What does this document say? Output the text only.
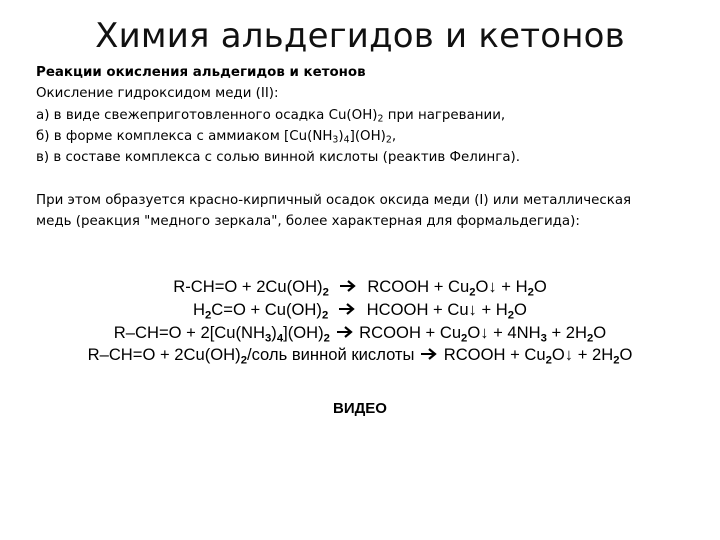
Химия альдегидов и кетонов
Реакции окисления альдегидов и кетонов
Окисление гидроксидом меди (II):
а) в виде свежеприготовленного осадка $Cu(OH)_2$ при нагревании,
б) в форме комплекса с аммиаком $[Cu(NH_3)_4](OH)_2$,
в) в составе комплекса с солью винной кислоты (реактив Фелинга).
При этом образуется красно-кирпичный осадок оксида меди (I) или металлическая
медь (реакция "медного зеркала", более характерная для формальдегида):
$R-CH=O + 2Cu(OH)_2$ RCOOH + $Cu_2O↓ + H_2O$
$H_2C=O + Cu(OH)_2$ HCOOH + Cu↓ + $H_2O$
$R-CH=O + 2[Cu(NH_3)_4](OH)_2$ RCOOH + $Cu_2O↓ + 4NH_3 + 2H_2O$
$R-CH=O + 2Cu(OH)_2$/соль винной кислоты RCOOH + $Cu_2O↓ + 2H_2O$
ВИДЕО
